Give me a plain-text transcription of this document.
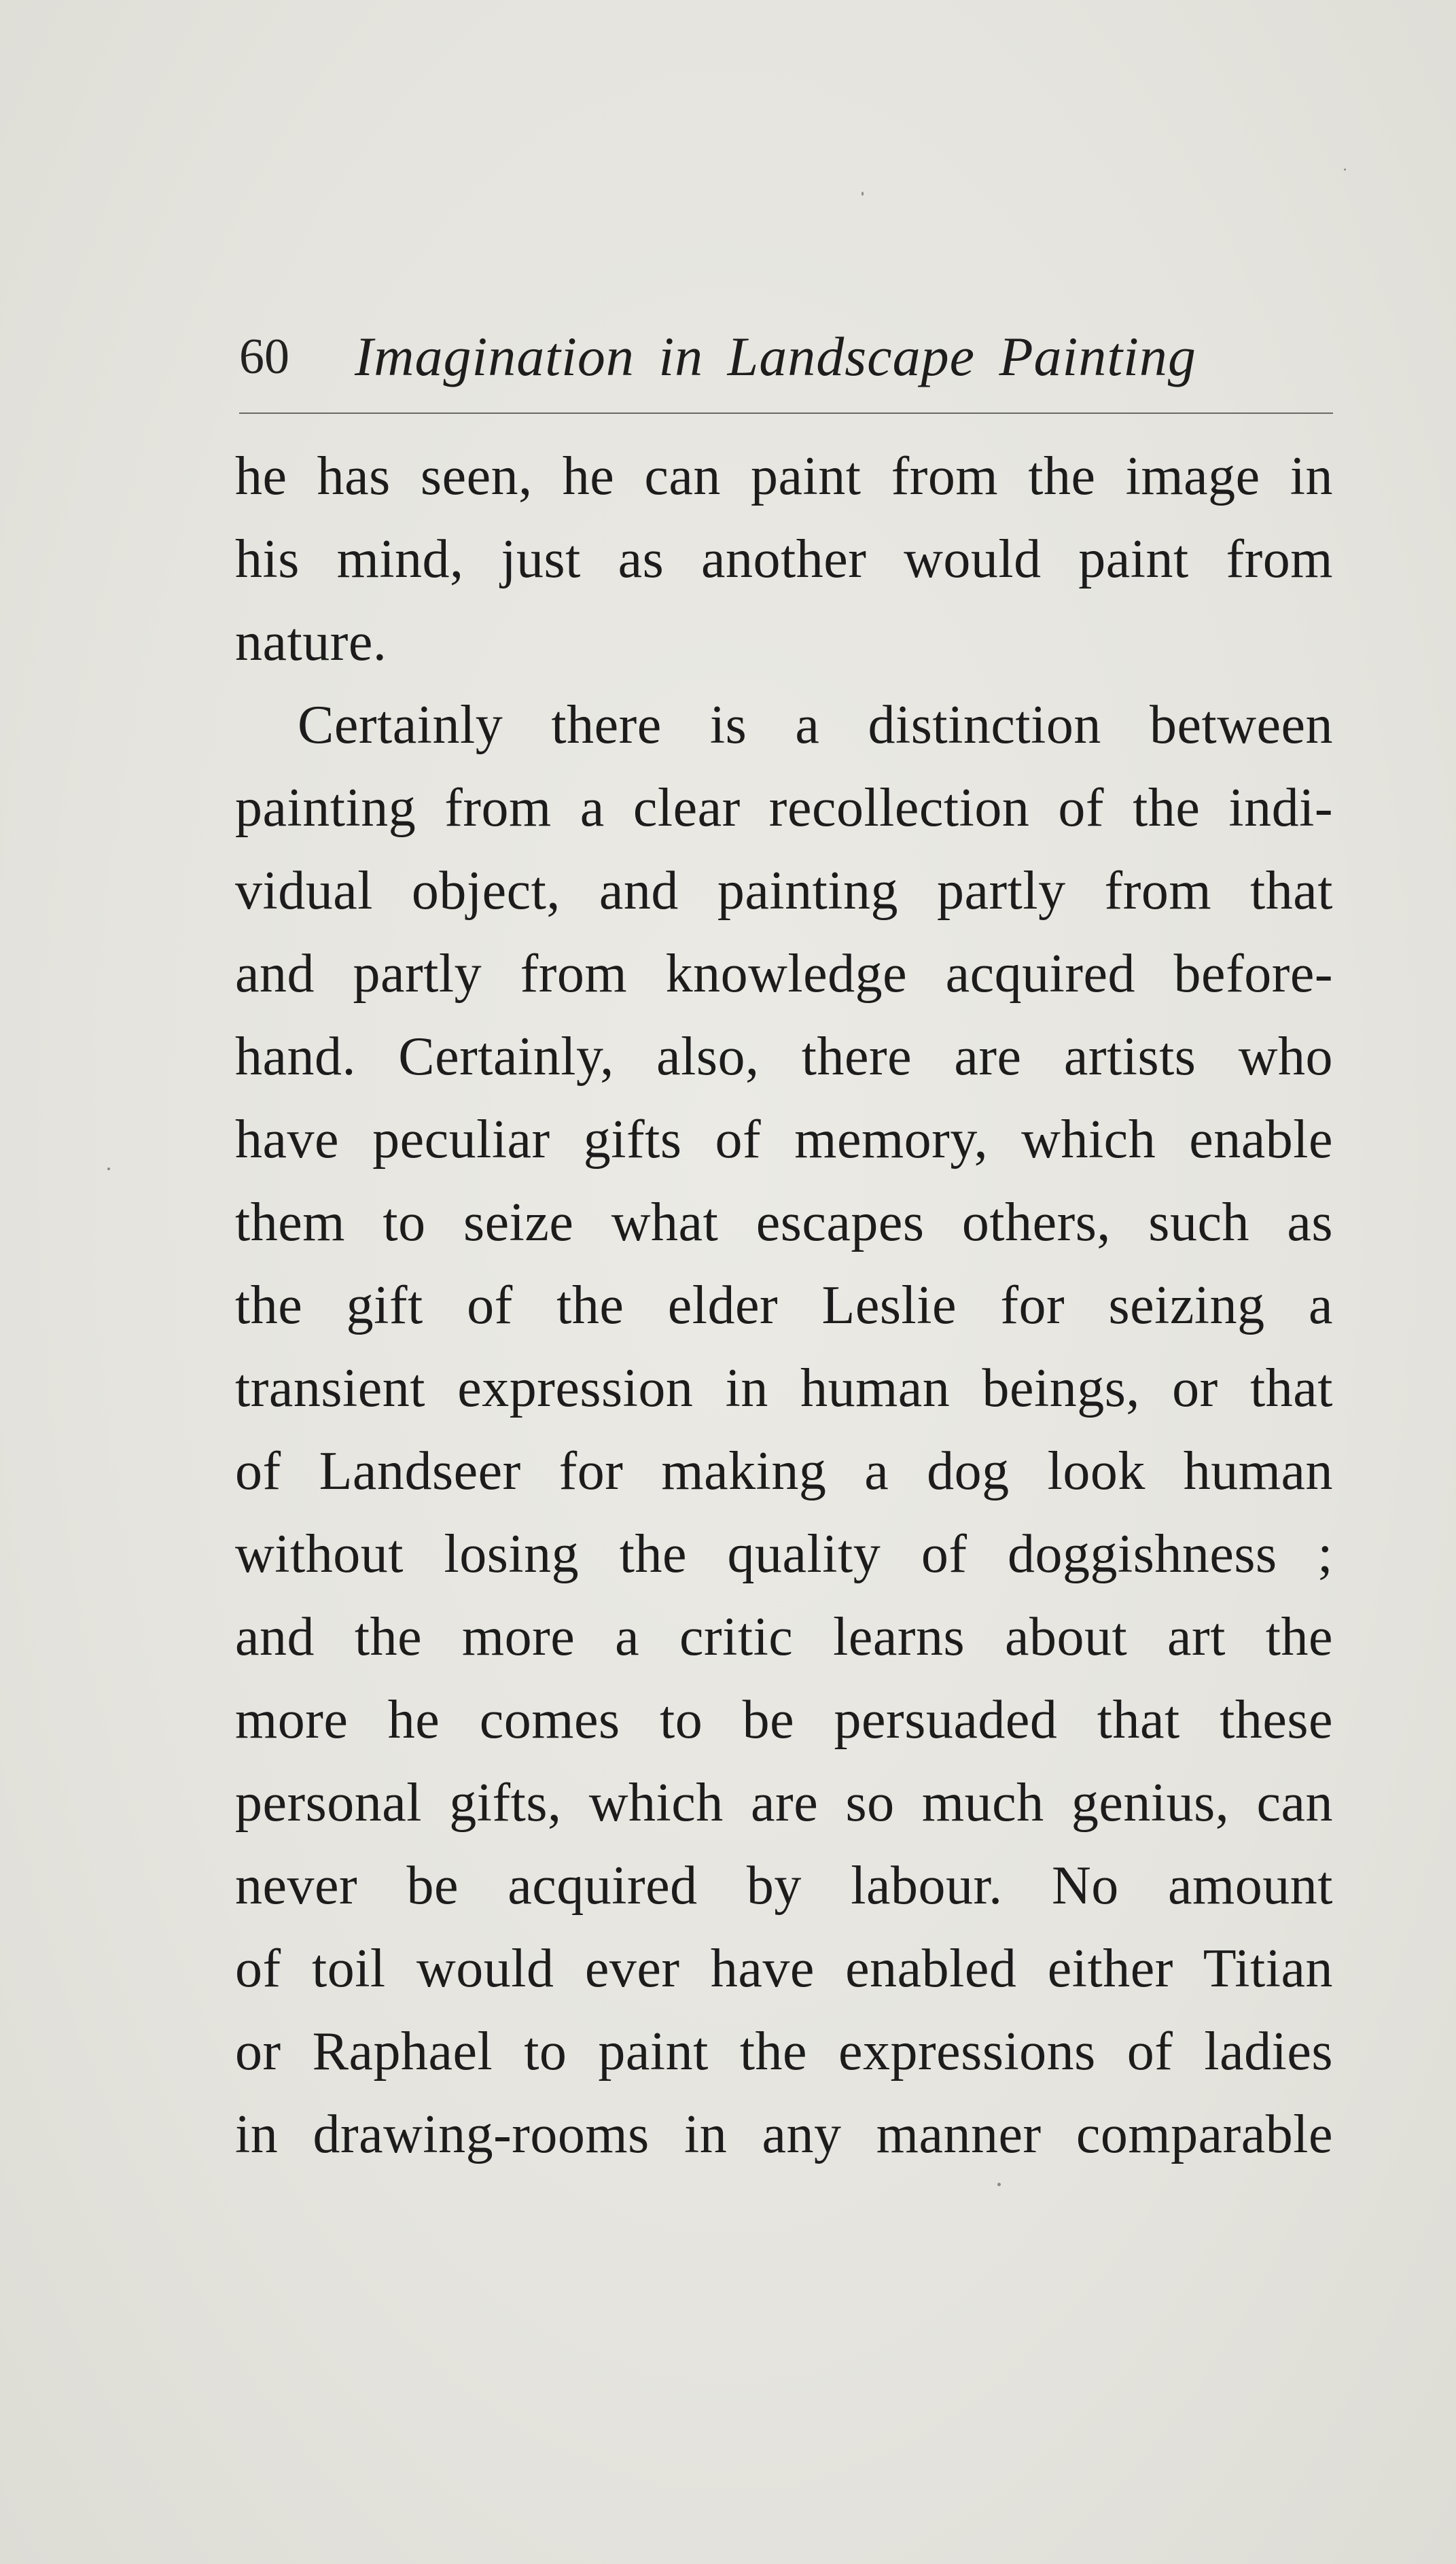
60 Imagination in Landscape Painting
he has seen, he can paint from the image in
his mind, just as another would paint from
nature.
Certainly there is a distinction between
painting from a clear recollection of the indi-
vidual object, and painting partly from that
and partly from knowledge acquired before-
hand. Certainly, also, there are artists who
have peculiar gifts of memory, which enable
them to seize what escapes others, such as
the gift of the elder Leslie for seizing a
transient expression in human beings, or that
of Landseer for making a dog look human
without losing the quality of doggishness ;
and the more a critic learns about art the
more he comes to be persuaded that these
personal gifts, which are so much genius, can
never be acquired by labour. No amount
of toil would ever have enabled either Titian
or Raphael to paint the expressions of ladies
in drawing-rooms in any manner comparable
